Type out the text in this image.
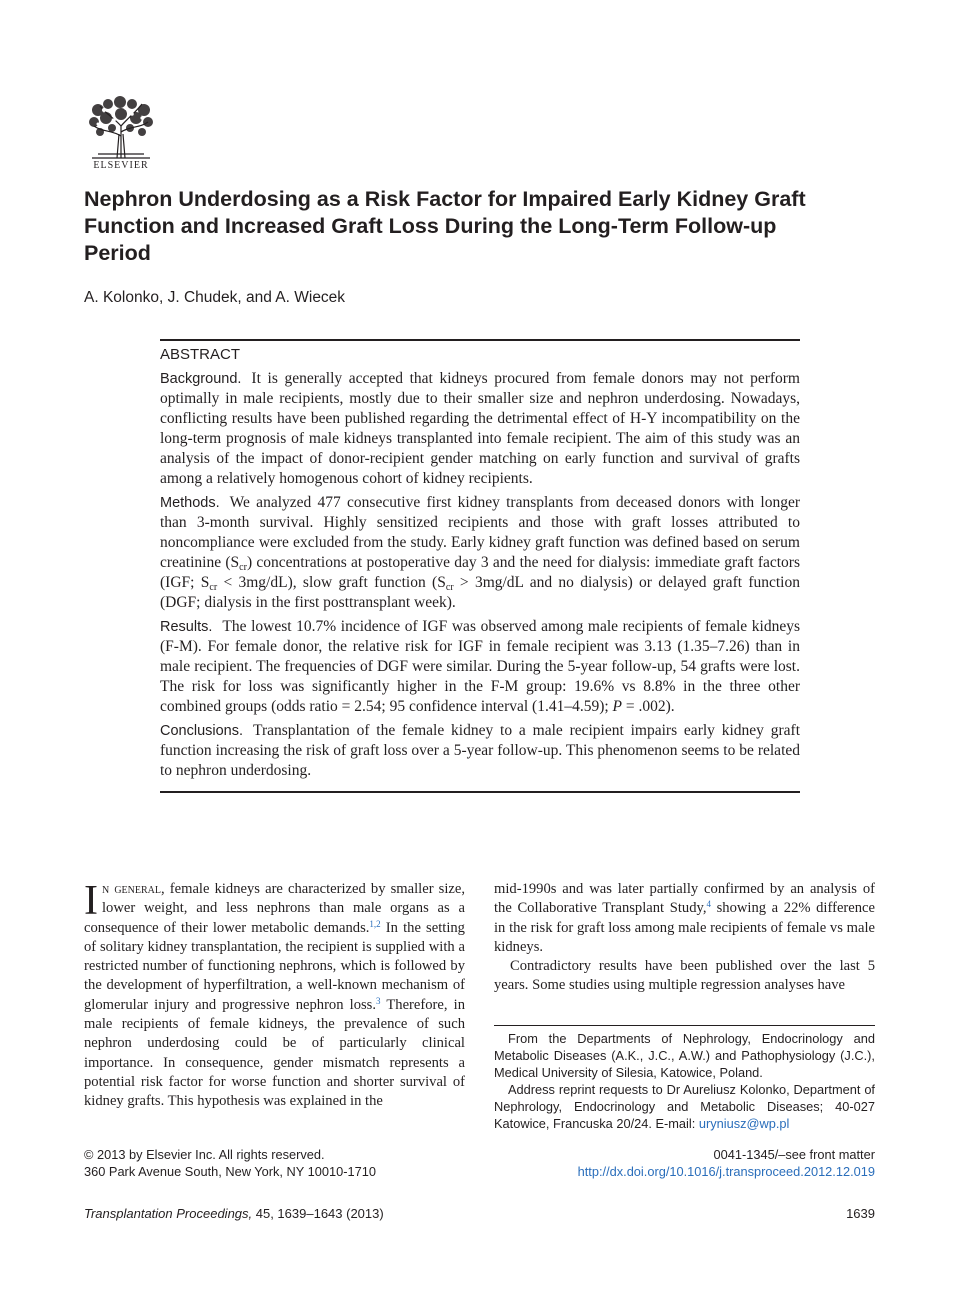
ELSEVIER
Nephron Underdosing as a Risk Factor for Impaired Early Kidney Graft Function and Increased Graft Loss During the Long-Term Follow-up Period
A. Kolonko, J. Chudek, and A. Wiecek
ABSTRACT

Background. It is generally accepted that kidneys procured from female donors may not perform optimally in male recipients, mostly due to their smaller size and nephron underdosing. Nowadays, conflicting results have been published regarding the detrimental effect of H-Y incompatibility on the long-term prognosis of male kidneys transplanted into female recipient. The aim of this study was an analysis of the impact of donor-recipient gender matching on early function and survival of grafts among a relatively homogenous cohort of kidney recipients.

Methods. We analyzed 477 consecutive first kidney transplants from deceased donors with longer than 3-month survival. Highly sensitized recipients and those with graft losses attributed to noncompliance were excluded from the study. Early kidney graft function was defined based on serum creatinine $(S_{cr})$ concentrations at postoperative day 3 and the need for dialysis: immediate graft factors (IGF; $S_{cr} < 3mg/dL$), slow graft function ($S_{cr} > 3mg/dL$ and no dialysis) or delayed graft function (DGF; dialysis in the first posttransplant week).

Results. The lowest 10.7% incidence of IGF was observed among male recipients of female kidneys (F-M). For female donor, the relative risk for IGF in female recipient was 3.13 (1.35–7.26) than in male recipient. The frequencies of DGF were similar. During the 5-year follow-up, 54 grafts were lost. The risk for loss was significantly higher in the F-M group: 19.6% vs 8.8% in the three other combined groups (odds ratio = 2.54; 95 confidence interval (1.41–4.59); P = .002).

Conclusions. Transplantation of the female kidney to a male recipient impairs early kidney graft function increasing the risk of graft loss over a 5-year follow-up. This phenomenon seems to be related to nephron underdosing.

In general, female kidneys are characterized by smaller size, lower weight, and less nephrons than male organs as a consequence of their lower metabolic demands.$^{1,2}$ In the setting of solitary kidney transplantation, the recipient is supplied with a restricted number of functioning nephrons, which is followed by the development of hyperfiltration, a well-known mechanism of glomerular injury and progressive nephron loss.$^3$ Therefore, in male recipients of female kidneys, the prevalence of such nephron underdosing could be of particularly clinical importance. In consequence, gender mismatch represents a potential risk factor for worse function and shorter survival of kidney grafts. This hypothesis was explained in the

mid-1990s and was later partially confirmed by an analysis of the Collaborative Transplant Study,$^4$ showing a 22% difference in the risk for graft loss among male recipients of female vs male kidneys.

Contradictory results have been published over the last 5 years. Some studies using multiple regression analyses have

From the Departments of Nephrology, Endocrinology and Metabolic Diseases (A.K., J.C., A.W.) and Pathophysiology (J.C.), Medical University of Silesia, Katowice, Poland.

Address reprint requests to Dr Aureliusz Kolonko, Department of Nephrology, Endocrinology and Metabolic Diseases; 40-027 Katowice, Francuska 20/24. E-mail: uryniusz@wp.pl

© 2013 by Elsevier Inc. All rights reserved.
360 Park Avenue South, New York, NY 10010-1710
0041-1345/–see front matter
http://dx.doi.org/10.1016/j.transproceed.2012.12.019
Transplantation Proceedings, 45, 1639–1643 (2013)	1639
